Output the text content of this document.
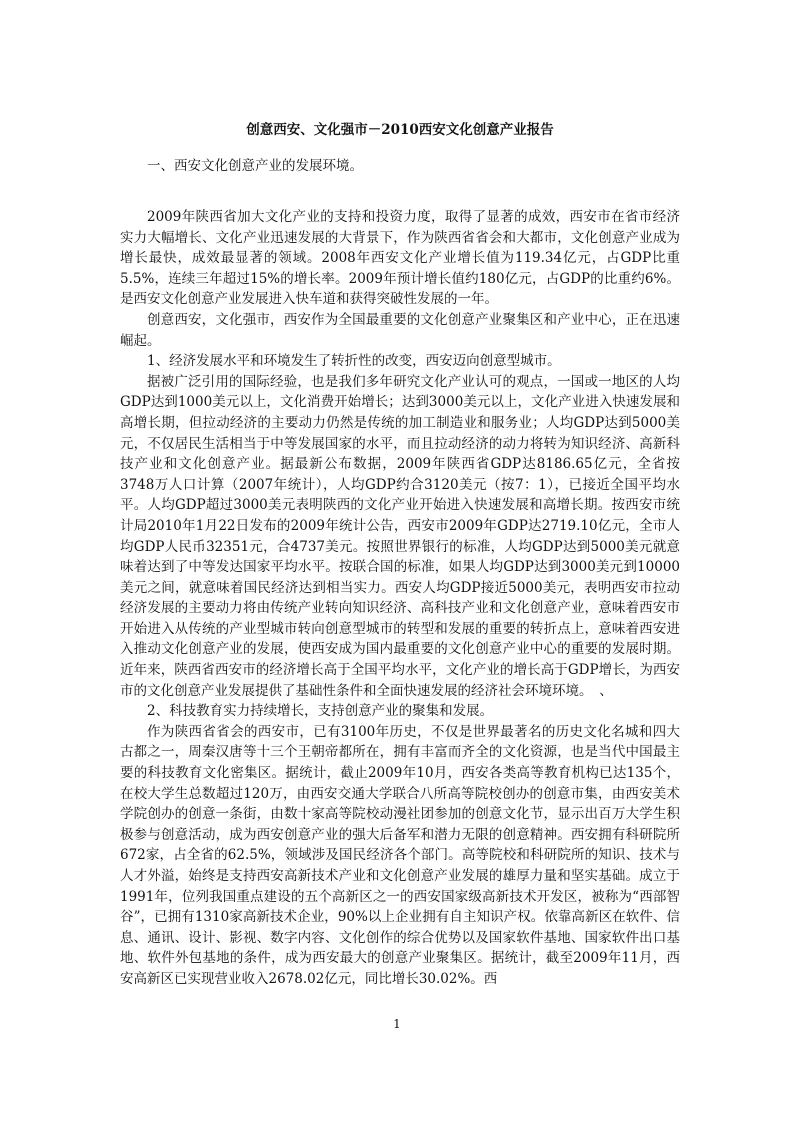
创意西安、文化强市－2010西安文化创意产业报告

一、西安文化创意产业的发展环境。

2009年陕西省加大文化产业的支持和投资力度，取得了显著的成效，西安市在省市经济实力大幅增长、文化产业迅速发展的大背景下，作为陕西省省会和大都市，文化创意产业成为增长最快，成效最显著的领域。2008年西安文化产业增长值为119.34亿元，占GDP比重5.5%，连续三年超过15%的增长率。2009年预计增长值约180亿元，占GDP的比重约6%。是西安文化创意产业发展进入快车道和获得突破性发展的一年。

创意西安，文化强市，西安作为全国最重要的文化创意产业聚集区和产业中心，正在迅速崛起。

1、经济发展水平和环境发生了转折性的改变，西安迈向创意型城市。

据被广泛引用的国际经验，也是我们多年研究文化产业认可的观点，一国或一地区的人均GDP达到1000美元以上，文化消费开始增长；达到3000美元以上，文化产业进入快速发展和高增长期，但拉动经济的主要动力仍然是传统的加工制造业和服务业；人均GDP达到5000美元，不仅居民生活相当于中等发展国家的水平，而且拉动经济的动力将转为知识经济、高新科技产业和文化创意产业。据最新公布数据，2009年陕西省GDP达8186.65亿元，全省按3748万人口计算（2007年统计），人均GDP约合3120美元（按7：1），已接近全国平均水平。人均GDP超过3000美元表明陕西的文化产业开始进入快速发展和高增长期。按西安市统计局2010年1月22日发布的2009年统计公告，西安市2009年GDP达2719.10亿元，全市人均GDP人民币32351元，合4737美元。按照世界银行的标准，人均GDP达到5000美元就意味着达到了中等发达国家平均水平。按联合国的标准，如果人均GDP达到3000美元到10000美元之间，就意味着国民经济达到相当实力。西安人均GDP接近5000美元，表明西安市拉动经济发展的主要动力将由传统产业转向知识经济、高科技产业和文化创意产业，意味着西安市开始进入从传统的产业型城市转向创意型城市的转型和发展的重要的转折点上，意味着西安进入推动文化创意产业的发展，使西安成为国内最重要的文化创意产业中心的重要的发展时期。近年来，陕西省西安市的经济增长高于全国平均水平，文化产业的增长高于GDP增长，为西安市的文化创意产业发展提供了基础性条件和全面快速发展的经济社会环境环境。　、

2、科技教育实力持续增长，支持创意产业的聚集和发展。

作为陕西省省会的西安市，已有3100年历史，不仅是世界最著名的历史文化名城和四大古都之一，周秦汉唐等十三个王朝帝都所在，拥有丰富而齐全的文化资源，也是当代中国最主要的科技教育文化密集区。据统计，截止2009年10月，西安各类高等教育机构已达135个，在校大学生总数超过120万，由西安交通大学联合八所高等院校创办的创意市集，由西安美术学院创办的创意一条街，由数十家高等院校动漫社团参加的创意文化节，显示出百万大学生积极参与创意活动，成为西安创意产业的强大后备军和潜力无限的创意精神。西安拥有科研院所672家，占全省的62.5%，领域涉及国民经济各个部门。高等院校和科研院所的知识、技术与人才外溢，始终是支持西安高新技术产业和文化创意产业发展的雄厚力量和坚实基础。成立于1991年，位列我国重点建设的五个高新区之一的西安国家级高新技术开发区，被称为“西部智谷”，已拥有1310家高新技术企业，90%以上企业拥有自主知识产权。依靠高新区在软件、信息、通讯、设计、影视、数字内容、文化创作的综合优势以及国家软件基地、国家软件出口基地、软件外包基地的条件，成为西安最大的创意产业聚集区。据统计，截至2009年11月，西安高新区已实现营业收入2678.02亿元，同比增长30.02%。西

1
